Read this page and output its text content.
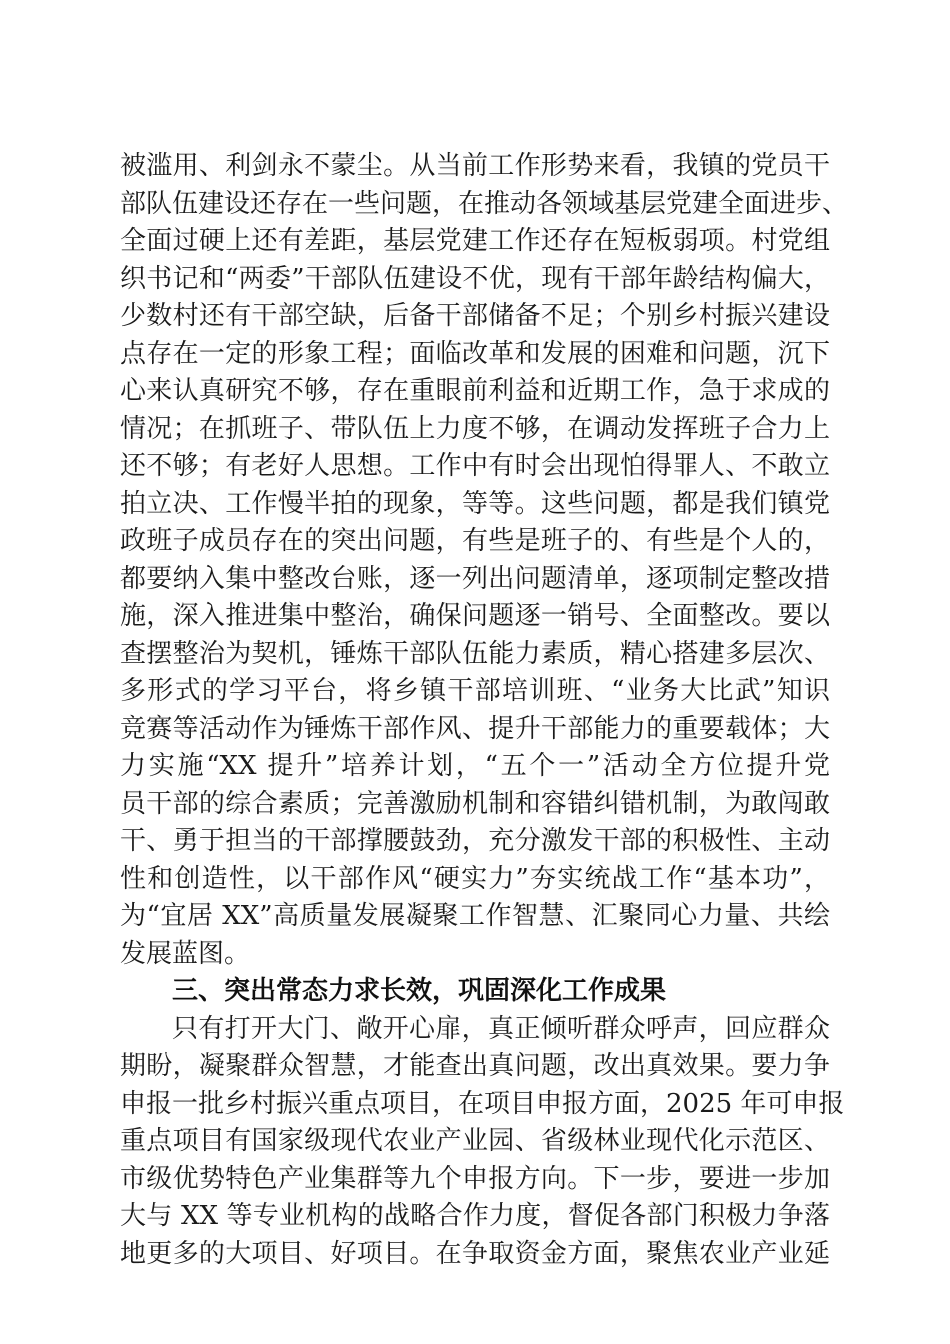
被滥用、利剑永不蒙尘。从当前工作形势来看，我镇的党员干
部队伍建设还存在一些问题，在推动各领域基层党建全面进步、
全面过硬上还有差距，基层党建工作还存在短板弱项。村党组
织书记和“两委”干部队伍建设不优，现有干部年龄结构偏大，
少数村还有干部空缺，后备干部储备不足；个别乡村振兴建设
点存在一定的形象工程；面临改革和发展的困难和问题，沉下
心来认真研究不够，存在重眼前利益和近期工作，急于求成的
情况；在抓班子、带队伍上力度不够，在调动发挥班子合力上
还不够；有老好人思想。工作中有时会出现怕得罪人、不敢立
拍立决、工作慢半拍的现象，等等。这些问题，都是我们镇党
政班子成员存在的突出问题，有些是班子的、有些是个人的，
都要纳入集中整改台账，逐一列出问题清单，逐项制定整改措
施，深入推进集中整治，确保问题逐一销号、全面整改。要以
查摆整治为契机，锤炼干部队伍能力素质，精心搭建多层次、
多形式的学习平台，将乡镇干部培训班、“业务大比武”知识
竞赛等活动作为锤炼干部作风、提升干部能力的重要载体；大
力实施“XX 提升”培养计划，“五个一”活动全方位提升党
员干部的综合素质；完善激励机制和容错纠错机制，为敢闯敢
干、勇于担当的干部撑腰鼓劲，充分激发干部的积极性、主动
性和创造性，以干部作风“硬实力”夯实统战工作“基本功”，
为“宜居 XX”高质量发展凝聚工作智慧、汇聚同心力量、共绘
发展蓝图。
三、突出常态力求长效，巩固深化工作成果
只有打开大门、敞开心扉，真正倾听群众呼声，回应群众
期盼，凝聚群众智慧，才能查出真问题，改出真效果。要力争
申报一批乡村振兴重点项目，在项目申报方面，2025 年可申报
重点项目有国家级现代农业产业园、省级林业现代化示范区、
市级优势特色产业集群等九个申报方向。下一步，要进一步加
大与 XX 等专业机构的战略合作力度，督促各部门积极力争落
地更多的大项目、好项目。在争取资金方面，聚焦农业产业延
